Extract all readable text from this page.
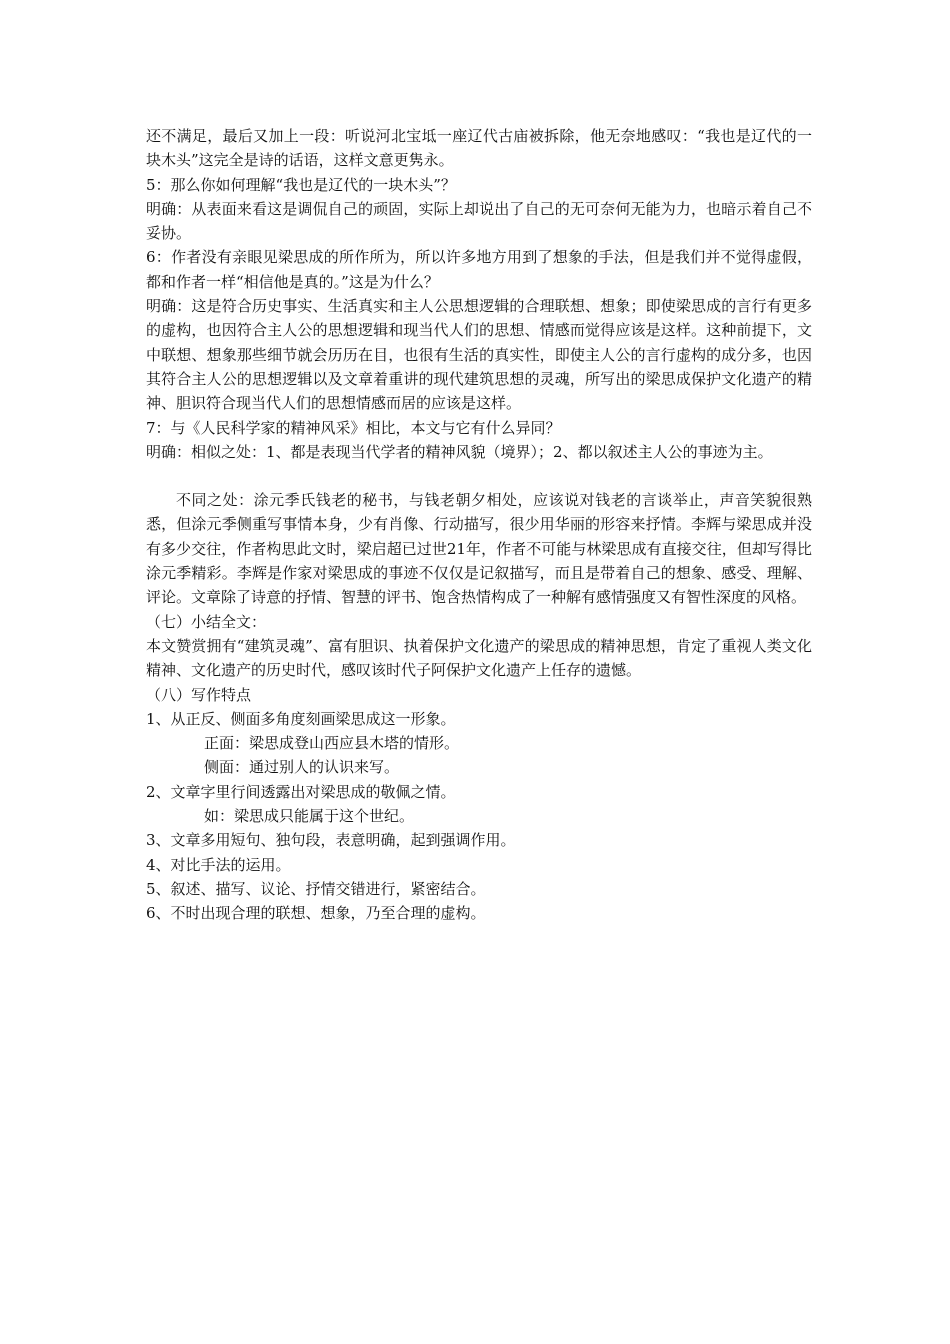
还不满足，最后又加上一段：听说河北宝坻一座辽代古庙被拆除，他无奈地感叹：“我也是辽代的一块木头”这完全是诗的话语，这样文意更隽永。

5：那么你如何理解“我也是辽代的一块木头”？

明确：从表面来看这是调侃自己的顽固，实际上却说出了自己的无可奈何无能为力，也暗示着自己不妥协。

6：作者没有亲眼见梁思成的所作所为，所以许多地方用到了想象的手法，但是我们并不觉得虚假，都和作者一样“相信他是真的。”这是为什么？

明确：这是符合历史事实、生活真实和主人公思想逻辑的合理联想、想象；即使梁思成的言行有更多的虚构，也因符合主人公的思想逻辑和现当代人们的思想、情感而觉得应该是这样。这种前提下，文中联想、想象那些细节就会历历在目，也很有生活的真实性，即使主人公的言行虚构的成分多，也因其符合主人公的思想逻辑以及文章着重讲的现代建筑思想的灵魂，所写出的梁思成保护文化遗产的精神、胆识符合现当代人们的思想情感而居的应该是这样。

7：与《人民科学家的精神风采》相比，本文与它有什么异同？

明确：相似之处：1、都是表现当代学者的精神风貌（境界）；2、都以叙述主人公的事迹为主。

不同之处：涂元季氏钱老的秘书，与钱老朝夕相处，应该说对钱老的言谈举止，声音笑貌很熟悉，但涂元季侧重写事情本身，少有肖像、行动描写，很少用华丽的形容来抒情。李辉与梁思成并没有多少交往，作者构思此文时，梁启超已过世21年，作者不可能与林梁思成有直接交往，但却写得比涂元季精彩。李辉是作家对梁思成的事迹不仅仅是记叙描写，而且是带着自己的想象、感受、理解、评论。文章除了诗意的抒情、智慧的评书、饱含热情构成了一种解有感情强度又有智性深度的风格。

（七）小结全文：

本文赞赏拥有“建筑灵魂”、富有胆识、执着保护文化遗产的梁思成的精神思想，肯定了重视人类文化精神、文化遗产的历史时代，感叹该时代子阿保护文化遗产上任存的遗憾。

（八）写作特点

1、从正反、侧面多角度刻画梁思成这一形象。

正面：梁思成登山西应县木塔的情形。

侧面：通过别人的认识来写。

2、文章字里行间透露出对梁思成的敬佩之情。

如：梁思成只能属于这个世纪。

3、文章多用短句、独句段，表意明确，起到强调作用。

4、对比手法的运用。

5、叙述、描写、议论、抒情交错进行，紧密结合。

6、不时出现合理的联想、想象，乃至合理的虚构。
